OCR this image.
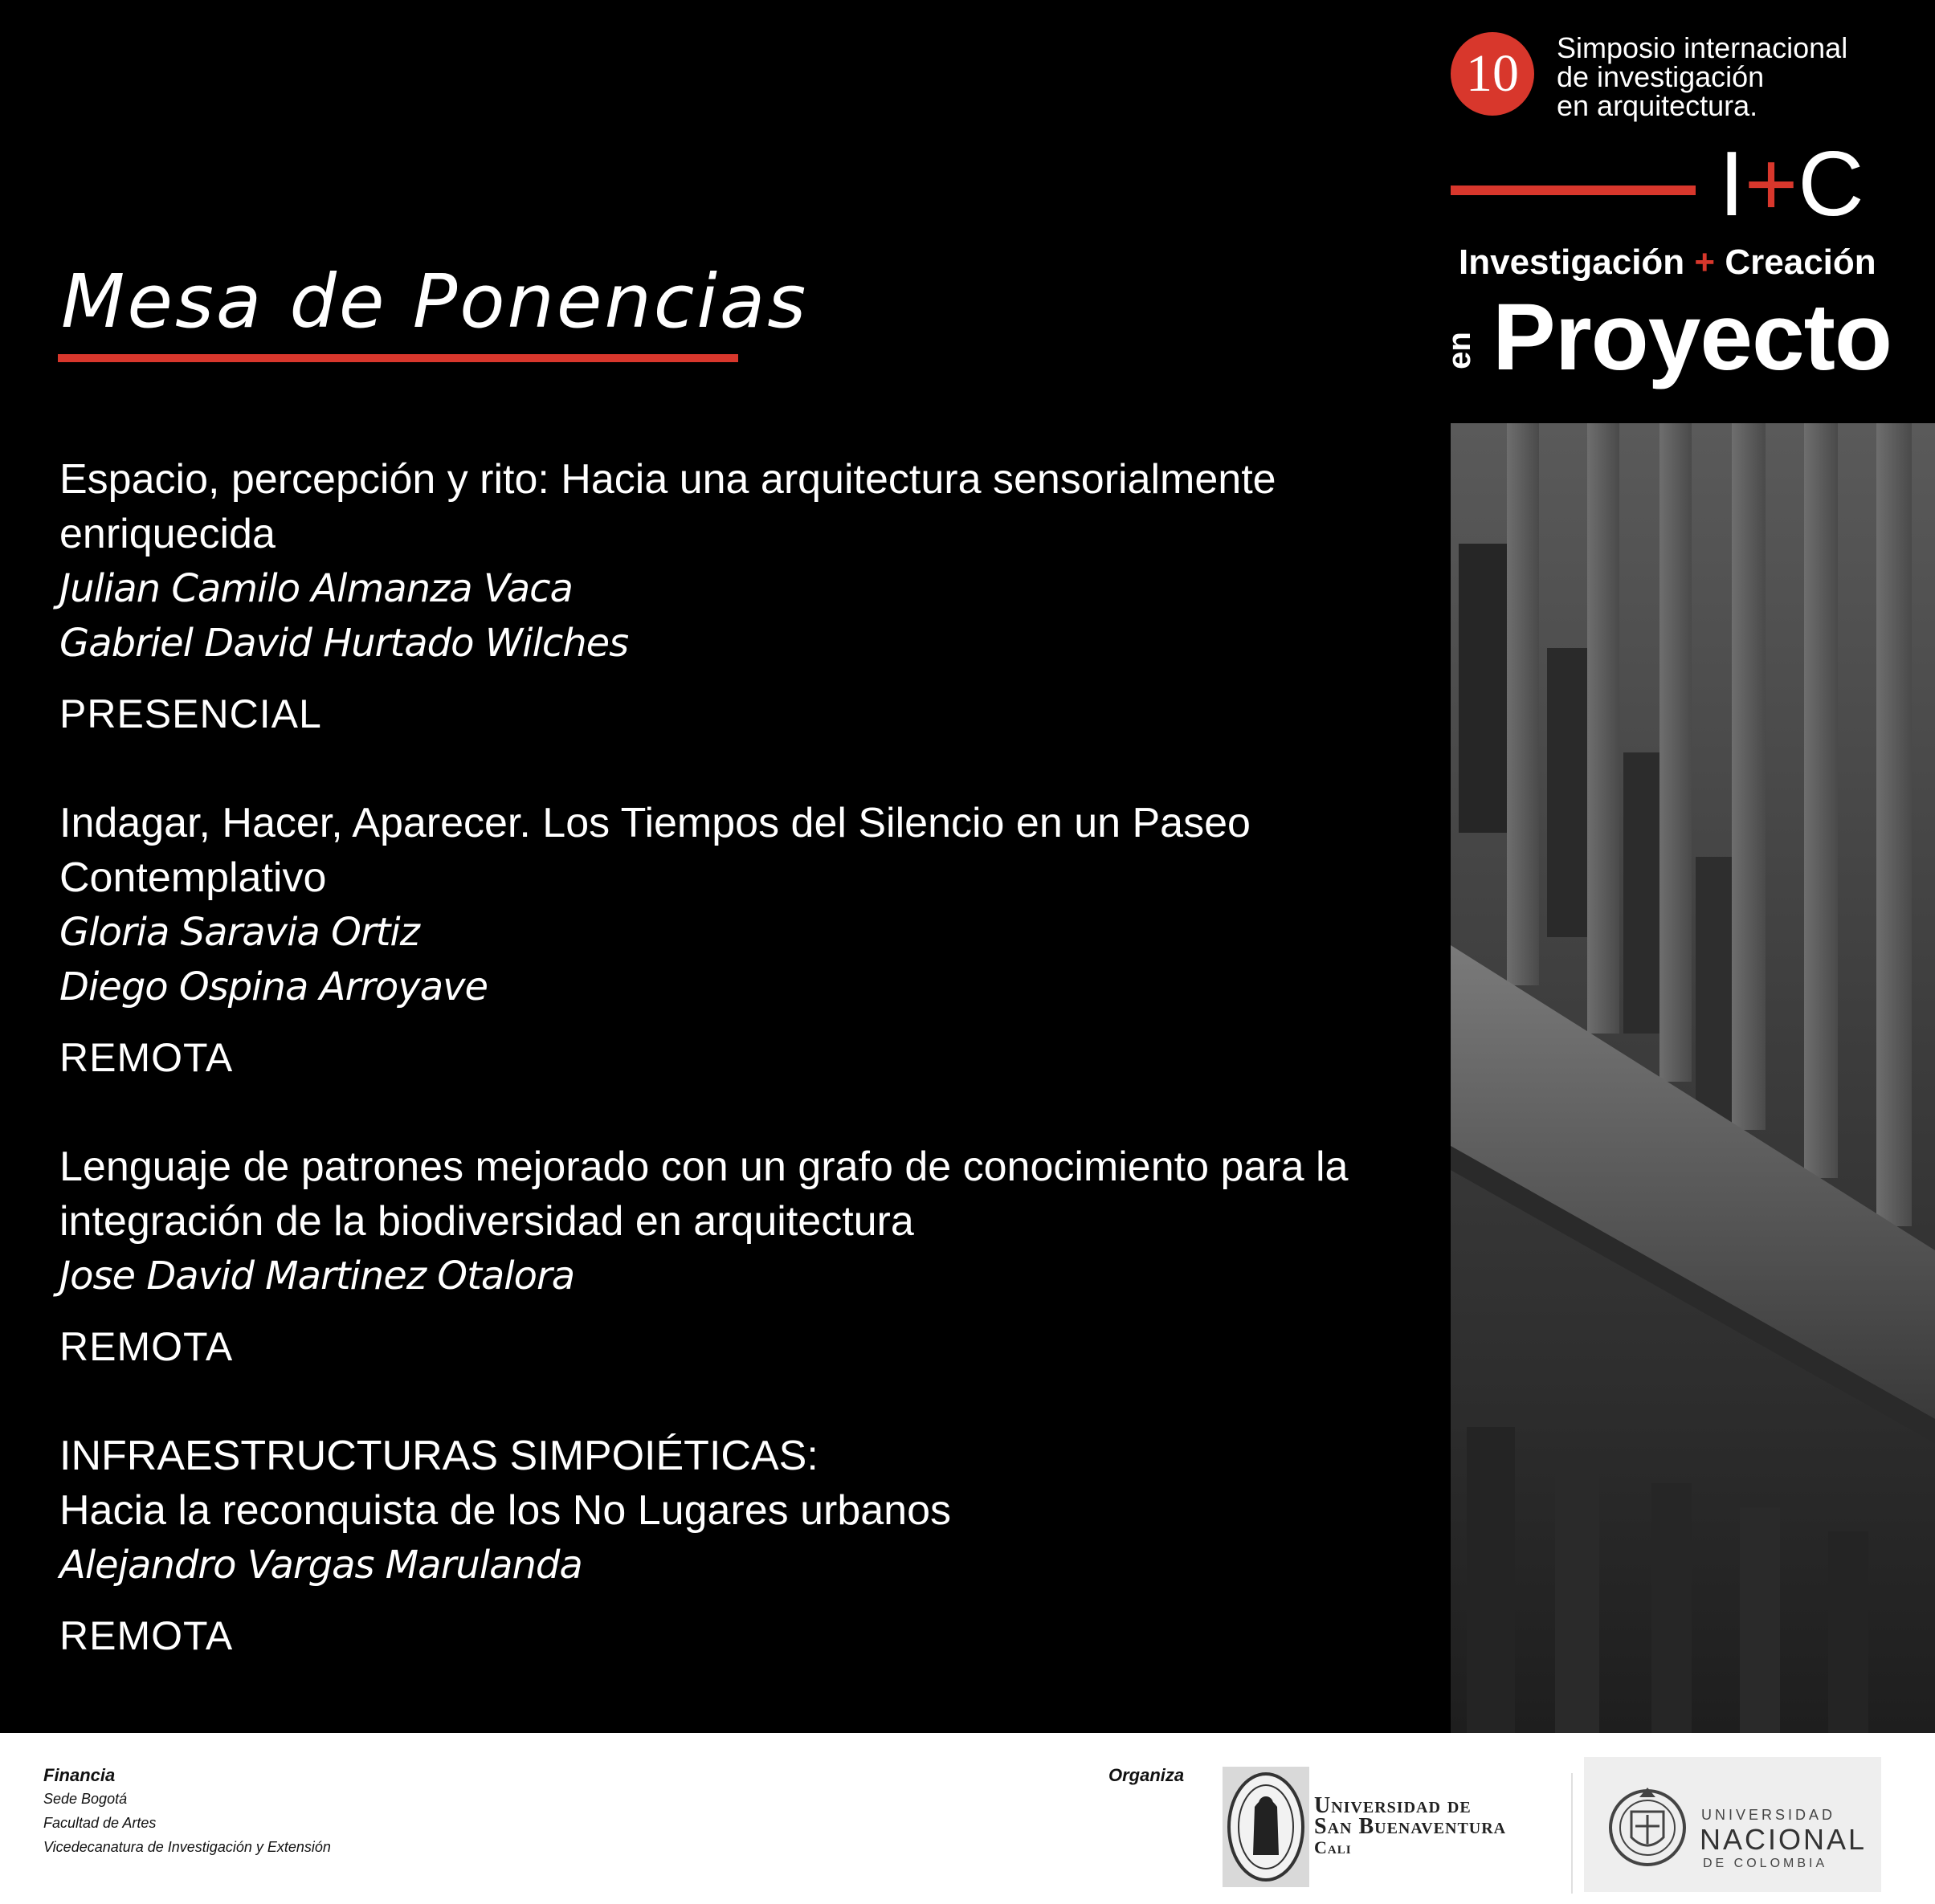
Mesa de Ponencias
Espacio, percepción y rito: Hacia una arquitectura sensorialmente enriquecida
Julian Camilo Almanza Vaca
Gabriel David Hurtado Wilches
PRESENCIAL
Indagar, Hacer, Aparecer. Los Tiempos del Silencio en un Paseo Contemplativo
Gloria Saravia Ortiz
Diego Ospina Arroyave
REMOTA
Lenguaje de patrones mejorado con un grafo de conocimiento para la integración de la biodiversidad en arquitectura
Jose David Martinez Otalora
REMOTA
INFRAESTRUCTURAS SIMPOIÉTICAS:
Hacia la reconquista de los No Lugares urbanos
Alejandro Vargas Marulanda
REMOTA
10	Simposio internacional
de investigación
en arquitectura.
I+C
Investigación + Creación
en Proyecto
Financia
Sede Bogotá
Facultad de Artes
Vicedecanatura de Investigación y Extensión
Organiza
Universidad de
San Buenaventura
Cali
UNIVERSIDAD
NACIONAL
DE COLOMBIA
